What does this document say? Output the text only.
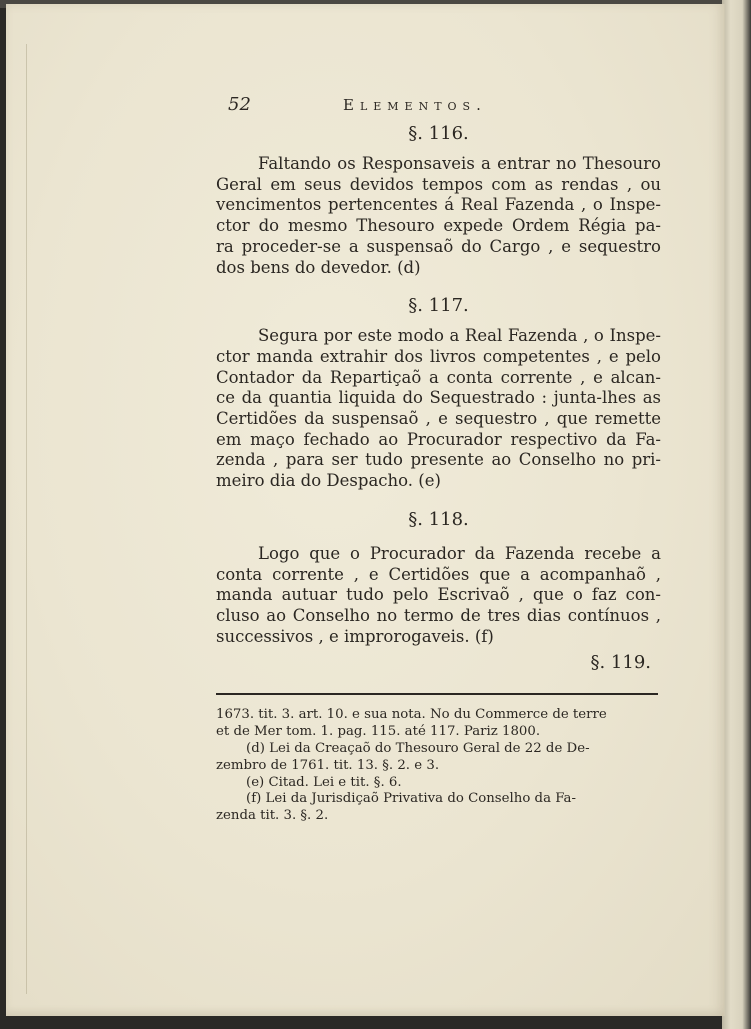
52	Elementos.

§. 116.

Faltando os Responsaveis a entrar no Thesouro
Geral em seus devidos tempos com as rendas , ou
vencimentos pertencentes á Real Fazenda , o Inspe-
ctor do mesmo Thesouro expede Ordem Régia pa-
ra proceder-se a suspensaõ do Cargo , e sequestro
dos bens do devedor. (d)

§. 117.

Segura por este modo a Real Fazenda , o Inspe-
ctor manda extrahir dos livros competentes , e pelo
Contador da Repartiçaõ a conta corrente , e alcan-
ce da quantia liquida do Sequestrado : junta-lhes as
Certidões da suspensaõ , e sequestro , que remette
em maço fechado ao Procurador respectivo da Fa-
zenda , para ser tudo presente ao Conselho no pri-
meiro dia do Despacho. (e)

§. 118.

Logo que o Procurador da Fazenda recebe a
conta corrente , e Certidões que a acompanhaõ ,
manda autuar tudo pelo Escrivaõ , que o faz con-
cluso ao Conselho no termo de tres dias contínuos ,
successivos , e improrogaveis. (f)

§. 119.

1673. tit. 3. art. 10. e sua nota. No du Commerce de terre
et de Mer tom. 1. pag. 115. até 117. Pariz 1800.
(d) Lei da Creaçaõ do Thesouro Geral de 22 de De-
zembro de 1761. tit. 13. §. 2. e 3.
(e) Citad. Lei e tit. §. 6.
(f) Lei da Jurisdiçaõ Privativa do Conselho da Fa-
zenda tit. 3. §. 2.
